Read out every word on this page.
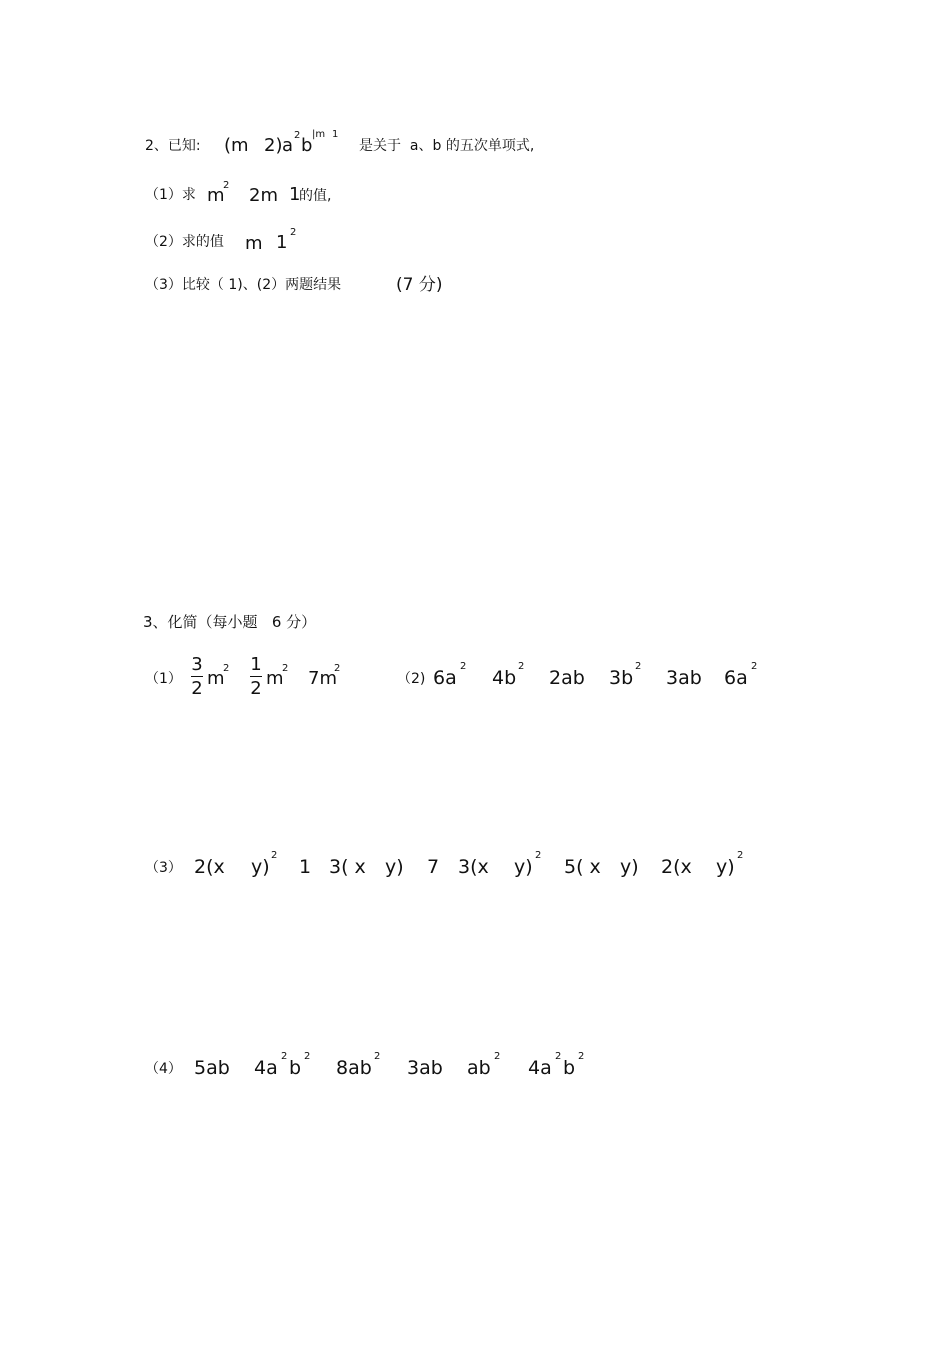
2、已知: (m 2) a 2 b
|m 1
是关于  a、b 的五次单项式,
（1）求 m
2 2m 1
的值,
（2）求的值 m 1 2
（3）比较（ 1)、(2）两题结果	(7 分)
3、化简（每小题   6 分）
（1）
3
2 m
2 1
2 m
2 7m
2
（2) 6a
2
4b
2
2ab 3b
2
3ab 6a
2
（3） 2(x y)
2
1 3( x y) 7 3(x y)
2
5( x y) 2(x y)
2
（4） 5ab 4a
2
b
2
8ab
2
3ab ab
2
4a
2
b
2
